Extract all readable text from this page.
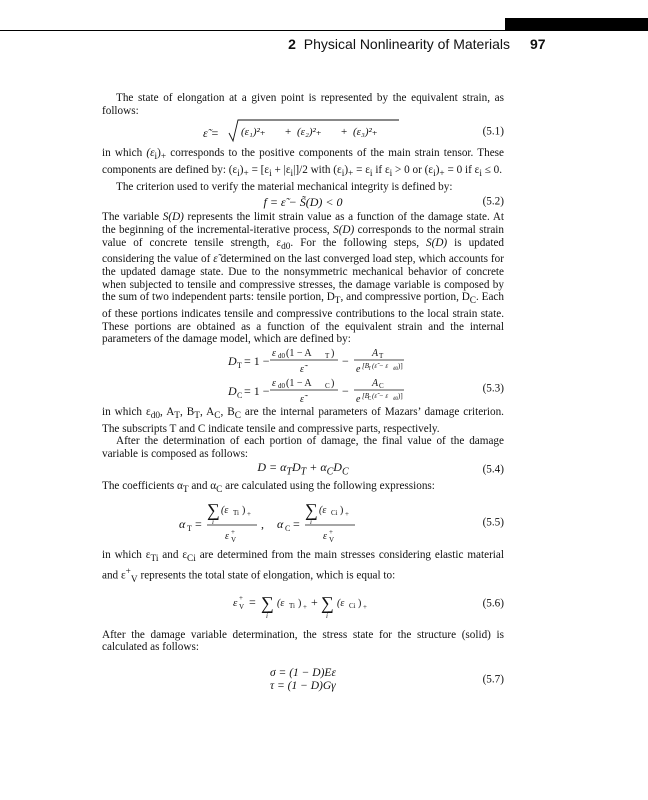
2 Physical Nonlinearity of Materials 97

The state of elongation at a given point is represented by the equivalent strain, as follows:

ε̃ = (ε₁)²₊ + (ε₂)²₊ + (ε₃)²₊	(5.1)

in which $(\varepsilon_i)_+$ corresponds to the positive components of the main strain tensor. These components are defined by: $(\varepsilon_i)_+ = [\varepsilon_i + |\varepsilon_i|]/2$ with $(\varepsilon_i)_+ = \varepsilon_i$ if $\varepsilon_i > 0$ or $(\varepsilon_i)_+ = 0$ if $\varepsilon_i \le 0$.

The criterion used to verify the material mechanical integrity is defined by:

f = ε̃ − S̃(D) < 0	(5.2)

The variable S(D) represents the limit strain value as a function of the damage state. At the beginning of the incremental-iterative process, S(D) corresponds to the normal strain value of concrete tensile strength, $\varepsilon_{d0}$. For the following steps, S(D) is updated considering the value of ε̃ determined on the last converged load step, which accounts for the updated damage state. Due to the nonsymmetric mechanical behavior of concrete when subjected to tensile and compressive stresses, the damage variable is composed by the sum of two independent parts: tensile portion, $D_T$, and compressive portion, $D_C$. Each of these portions indicates tensile and compressive contributions to the local strain state. These portions are obtained as a function of the equivalent strain and the internal parameters of the damage model, which are defined by:

D T = 1 −
ε d0 (1 − A T )
ε̃
−
A T
e [B T (ε̃ − ε d0 )]
D C = 1 −
ε d0 (1 − A C )
ε̃
−
A C
e [B C (ε̃ − ε d0 )]
(5.3)

in which $\varepsilon_{d0}$, $A_T$, $B_T$, $A_C$, $B_C$ are the internal parameters of Mazars’ damage criterion. The subscripts T and C indicate tensile and compressive parts, respectively.

After the determination of each portion of damage, the final value of the damage variable is composed as follows:

$D = \alpha_TD_T + \alpha_CD_C$	(5.4)

The coefficients $\alpha_T$ and $\alpha_C$ are calculated using the following expressions:

α T =
∑
i
(ε Ti ) +
ε +
V
, α C =
∑
i
(ε Ci ) +
ε +
V
(5.5)

in which $\varepsilon_{Ti}$ and $\varepsilon_{Ci}$ are determined from the main stresses considering elastic material and $\varepsilon^+_V$ represents the total state of elongation, which is equal to:

ε +
V = ∑
i
(ε Ti ) + + ∑
i
(ε Ci ) +	(5.6)

After the damage variable determination, the stress state for the structure (solid) is calculated as follows:

σ = (1 − D)Eε
τ = (1 − D)Gγ
(5.7)
